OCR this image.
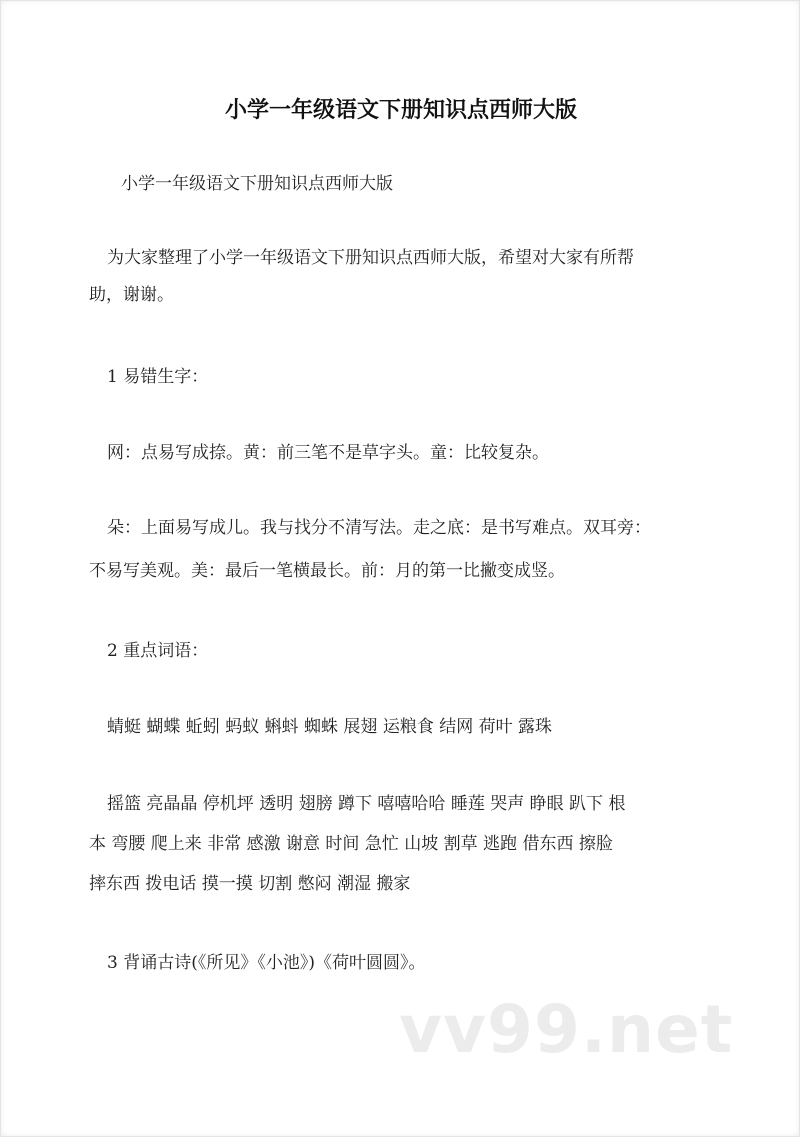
小学一年级语文下册知识点西师大版
小学一年级语文下册知识点西师大版
为大家整理了小学一年级语文下册知识点西师大版，希望对大家有所帮
助，谢谢。
1 易错生字：
网：点易写成捺。黄：前三笔不是草字头。童：比较复杂。
朵：上面易写成儿。我与找分不清写法。走之底：是书写难点。双耳旁：
不易写美观。美：最后一笔横最长。前：月的第一比撇变成竖。
2 重点词语：
蜻蜓 蝴蝶 蚯蚓 蚂蚁 蝌蚪 蜘蛛 展翅 运粮食 结网 荷叶 露珠
摇篮 亮晶晶 停机坪 透明 翅膀 蹲下 嘻嘻哈哈 睡莲 哭声 睁眼 趴下 根
本 弯腰 爬上来 非常 感激 谢意 时间 急忙 山坡 割草 逃跑 借东西 擦脸
摔东西 拨电话 摸一摸 切割 憋闷 潮湿 搬家
3 背诵古诗(《所见》《小池》)《荷叶圆圆》。
vv99.net
